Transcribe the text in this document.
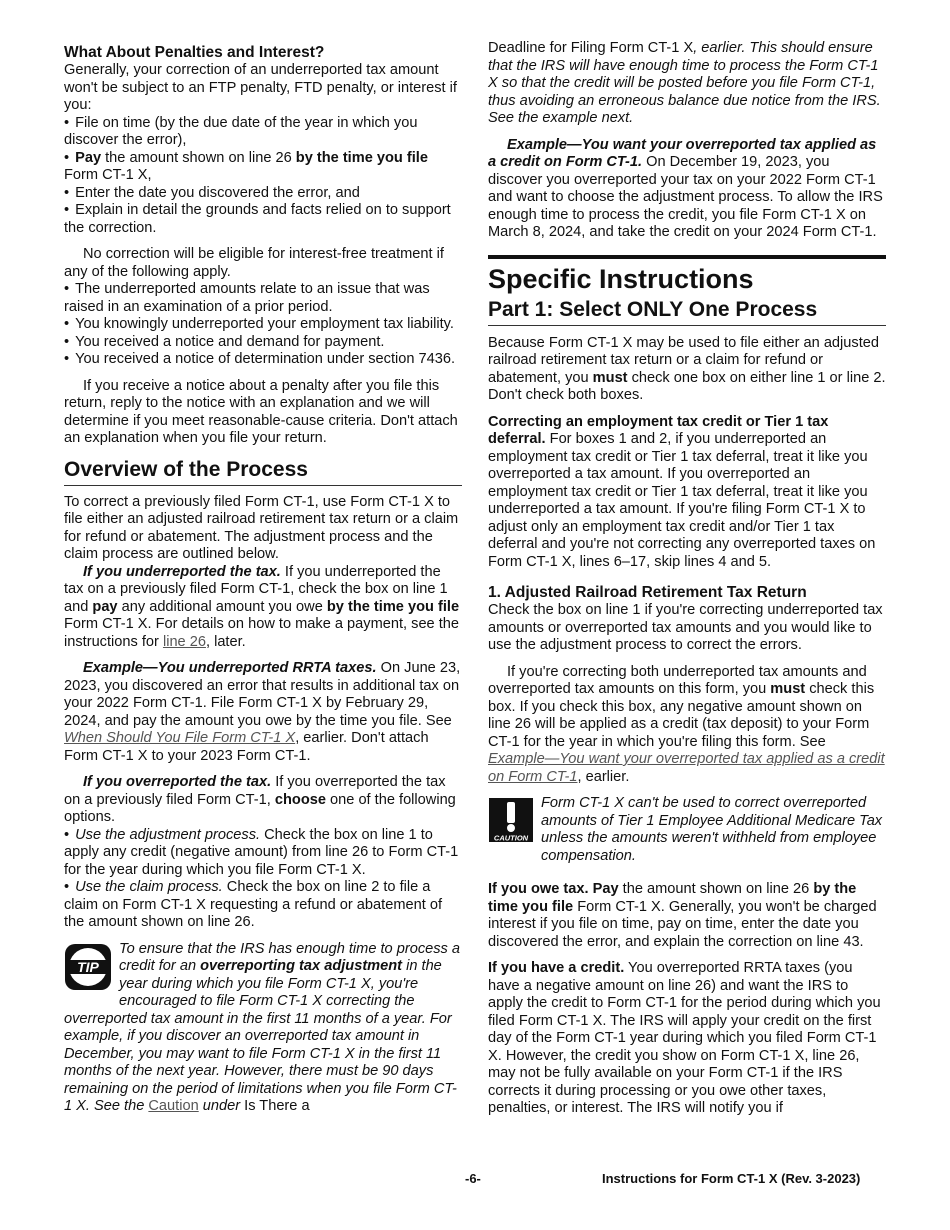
What About Penalties and Interest?

Generally, your correction of an underreported tax amount won't be subject to an FTP penalty, FTD penalty, or interest if you:

• File on time (by the due date of the year in which you discover the error),

• Pay the amount shown on line 26 by the time you file Form CT-1 X,

• Enter the date you discovered the error, and

• Explain in detail the grounds and facts relied on to support the correction.

No correction will be eligible for interest-free treatment if any of the following apply.

• The underreported amounts relate to an issue that was raised in an examination of a prior period.

• You knowingly underreported your employment tax liability.

• You received a notice and demand for payment.

• You received a notice of determination under section 7436.

If you receive a notice about a penalty after you file this return, reply to the notice with an explanation and we will determine if you meet reasonable-cause criteria. Don't attach an explanation when you file your return.

Overview of the Process

To correct a previously filed Form CT-1, use Form CT-1 X to file either an adjusted railroad retirement tax return or a claim for refund or abatement. The adjustment process and the claim process are outlined below.

If you underreported the tax. If you underreported the tax on a previously filed Form CT-1, check the box on line 1 and pay any additional amount you owe by the time you file Form CT-1 X. For details on how to make a payment, see the instructions for line 26, later.

Example—You underreported RRTA taxes. On June 23, 2023, you discovered an error that results in additional tax on your 2022 Form CT-1. File Form CT-1 X by February 29, 2024, and pay the amount you owe by the time you file. See When Should You File Form CT-1 X, earlier. Don't attach Form CT-1 X to your 2023 Form CT-1.

If you overreported the tax. If you overreported the tax on a previously filed Form CT-1, choose one of the following options.

• Use the adjustment process. Check the box on line 1 to apply any credit (negative amount) from line 26 to Form CT-1 for the year during which you file Form CT-1 X.

• Use the claim process. Check the box on line 2 to file a claim on Form CT-1 X requesting a refund or abatement of the amount shown on line 26.

TIP
To ensure that the IRS has enough time to process a credit for an overreporting tax adjustment in the year during which you file Form CT-1 X, you're encouraged to file Form CT-1 X correcting the overreported tax amount in the first 11 months of a year. For example, if you discover an overreported tax amount in December, you may want to file Form CT-1 X in the first 11 months of the next year. However, there must be 90 days remaining on the period of limitations when you file Form CT-1 X. See the Caution under Is There a

Deadline for Filing Form CT-1 X, earlier. This should ensure that the IRS will have enough time to process the Form CT-1 X so that the credit will be posted before you file Form CT-1, thus avoiding an erroneous balance due notice from the IRS. See the example next.

Example—You want your overreported tax applied as a credit on Form CT-1. On December 19, 2023, you discover you overreported your tax on your 2022 Form CT-1 and want to choose the adjustment process. To allow the IRS enough time to process the credit, you file Form CT-1 X on March 8, 2024, and take the credit on your 2024 Form CT-1.

Specific Instructions

Part 1: Select ONLY One Process

Because Form CT-1 X may be used to file either an adjusted railroad retirement tax return or a claim for refund or abatement, you must check one box on either line 1 or line 2. Don't check both boxes.

Correcting an employment tax credit or Tier 1 tax deferral. For boxes 1 and 2, if you underreported an employment tax credit or Tier 1 tax deferral, treat it like you overreported a tax amount. If you overreported an employment tax credit or Tier 1 tax deferral, treat it like you underreported a tax amount. If you're filing Form CT-1 X to adjust only an employment tax credit and/or Tier 1 tax deferral and you're not correcting any overreported taxes on Form CT-1 X, lines 6–17, skip lines 4 and 5.

1. Adjusted Railroad Retirement Tax Return

Check the box on line 1 if you're correcting underreported tax amounts or overreported tax amounts and you would like to use the adjustment process to correct the errors.

If you're correcting both underreported tax amounts and overreported tax amounts on this form, you must check this box. If you check this box, any negative amount shown on line 26 will be applied as a credit (tax deposit) to your Form CT-1 for the year in which you're filing this form. See Example—You want your overreported tax applied as a credit on Form CT-1, earlier.

CAUTION
Form CT-1 X can't be used to correct overreported amounts of Tier 1 Employee Additional Medicare Tax unless the amounts weren't withheld from employee compensation.

If you owe tax. Pay the amount shown on line 26 by the time you file Form CT-1 X. Generally, you won't be charged interest if you file on time, pay on time, enter the date you discovered the error, and explain the correction on line 43.

If you have a credit. You overreported RRTA taxes (you have a negative amount on line 26) and want the IRS to apply the credit to Form CT-1 for the period during which you filed Form CT-1 X. The IRS will apply your credit on the first day of the Form CT-1 year during which you filed Form CT-1 X. However, the credit you show on Form CT-1 X, line 26, may not be fully available on your Form CT-1 if the IRS corrects it during processing or you owe other taxes, penalties, or interest. The IRS will notify you if

-6-	Instructions for Form CT-1 X (Rev. 3-2023)
